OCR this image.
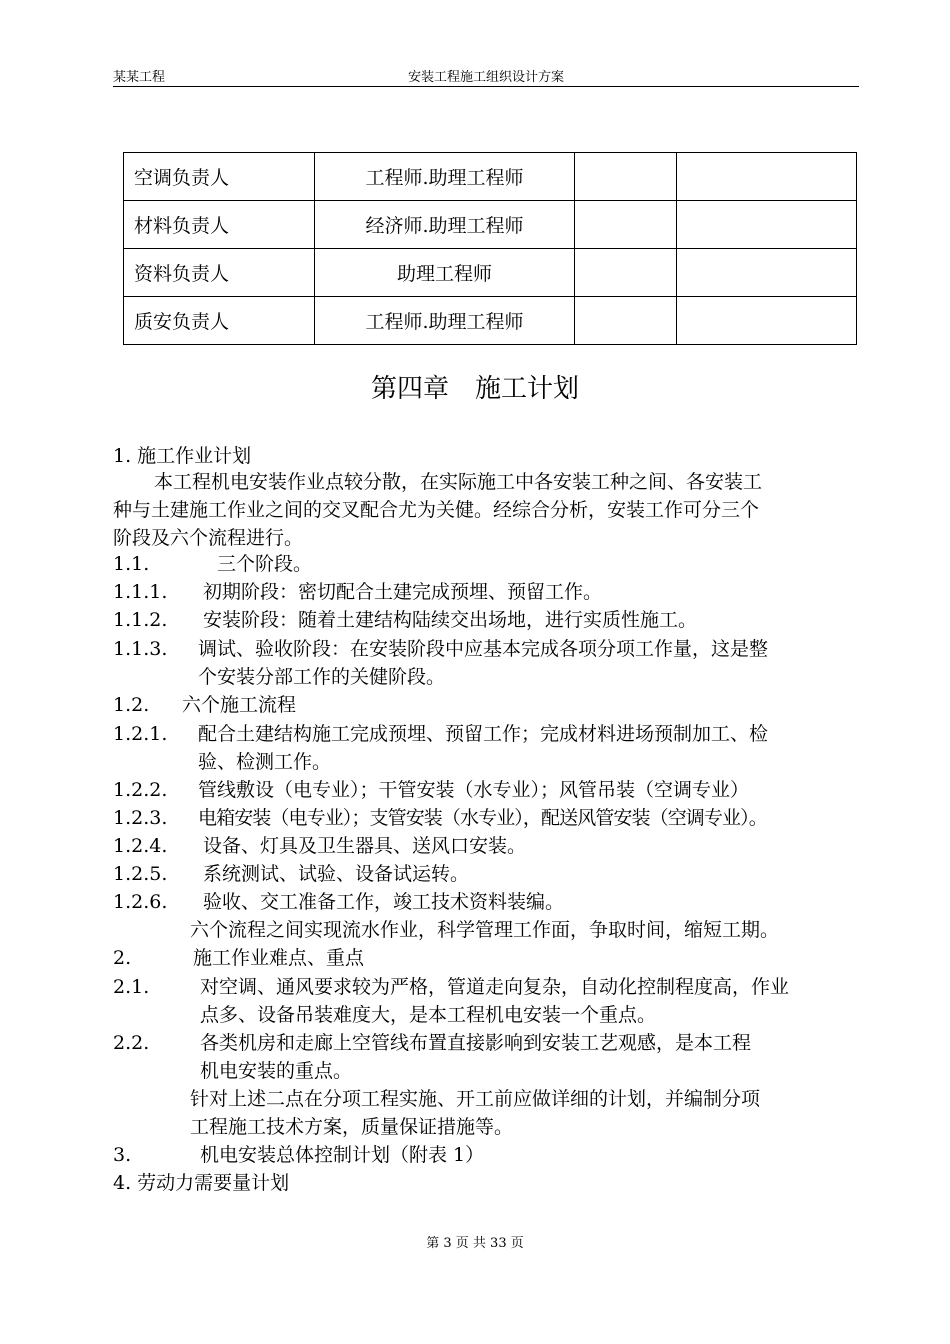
某某工程	安装工程施工组织设计方案
空调负责人	工程师.助理工程师		
材料负责人	经济师.助理工程师		
资料负责人	助理工程师		
质安负责人	工程师.助理工程师		
第四章　施工计划
1. 施工作业计划
本工程机电安装作业点较分散，在实际施工中各安装工种之间、各安装工
种与土建施工作业之间的交叉配合尤为关健。经综合分析，安装工作可分三个
阶段及六个流程进行。
1.1.	三个阶段。
1.1.1. 初期阶段：密切配合土建完成预埋、预留工作。
1.1.2. 安装阶段：随着土建结构陆续交出场地，进行实质性施工。
1.1.3. 调试、验收阶段：在安装阶段中应基本完成各项分项工作量，这是整
个安装分部工作的关健阶段。
1.2. 六个施工流程
1.2.1. 配合土建结构施工完成预埋、预留工作；完成材料进场预制加工、检
验、检测工作。
1.2.2. 管线敷设（电专业）；干管安装（水专业）；风管吊装（空调专业）
1.2.3. 电箱安装（电专业）；支管安装（水专业），配送风管安装（空调专业）。
1.2.4. 设备、灯具及卫生器具、送风口安装。
1.2.5. 系统测试、试验、设备试运转。
1.2.6. 验收、交工准备工作，竣工技术资料装编。
六个流程之间实现流水作业，科学管理工作面，争取时间，缩短工期。
2.	施工作业难点、重点
2.1.	对空调、通风要求较为严格，管道走向复杂，自动化控制程度高，作业
点多、设备吊装难度大，是本工程机电安装一个重点。
2.2.	各类机房和走廊上空管线布置直接影响到安装工艺观感，是本工程
机电安装的重点。
针对上述二点在分项工程实施、开工前应做详细的计划，并编制分项
工程施工技术方案，质量保证措施等。
3.	机电安装总体控制计划（附表 1）
4. 劳动力需要量计划
第 3 页 共 33 页
